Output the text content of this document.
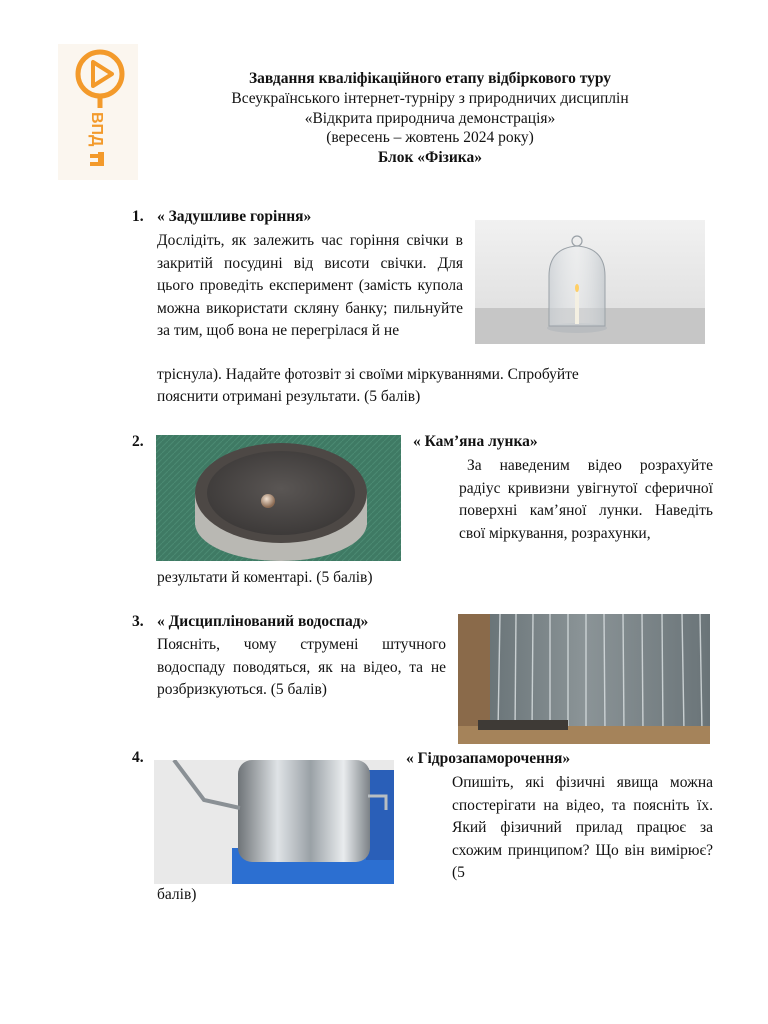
ВПД
Завдання кваліфікаційного етапу відбіркового туру
Всеукраїнського інтернет-турніру з природничих дисциплін
«Відкрита природнича демонстрація»
(вересень – жовтень 2024 року)
Блок «Фізика»
1. « Задушливе горіння»
Дослідіть, як залежить час горіння свічки в закритій посудині від висоти свічки. Для цього проведіть експеримент (замість купола можна використати скляну банку; пильнуйте за тим, щоб вона не перегрілася й не
тріснула). Надайте фотозвіт зі своїми міркуваннями. Спробуйте
пояснити отримані результати. (5 балів)
2.	« Кам’яна лунка»
За наведеним відео розрахуйте радіус кривизни увігнутої сферичної поверхні кам’яної лунки. Наведіть свої міркування, розрахунки,
результати й коментарі. (5 балів)
3. « Дисциплінований водоспад»
Поясніть, чому струмені штучного водоспаду поводяться, як на відео, та не розбризкуються. (5 балів)
4.	« Гідрозапаморочення»
Опишіть, які фізичні явища можна спостерігати на відео, та поясніть їх. Який фізичний прилад працює за схожим принципом? Що він вимірює? (5
балів)
